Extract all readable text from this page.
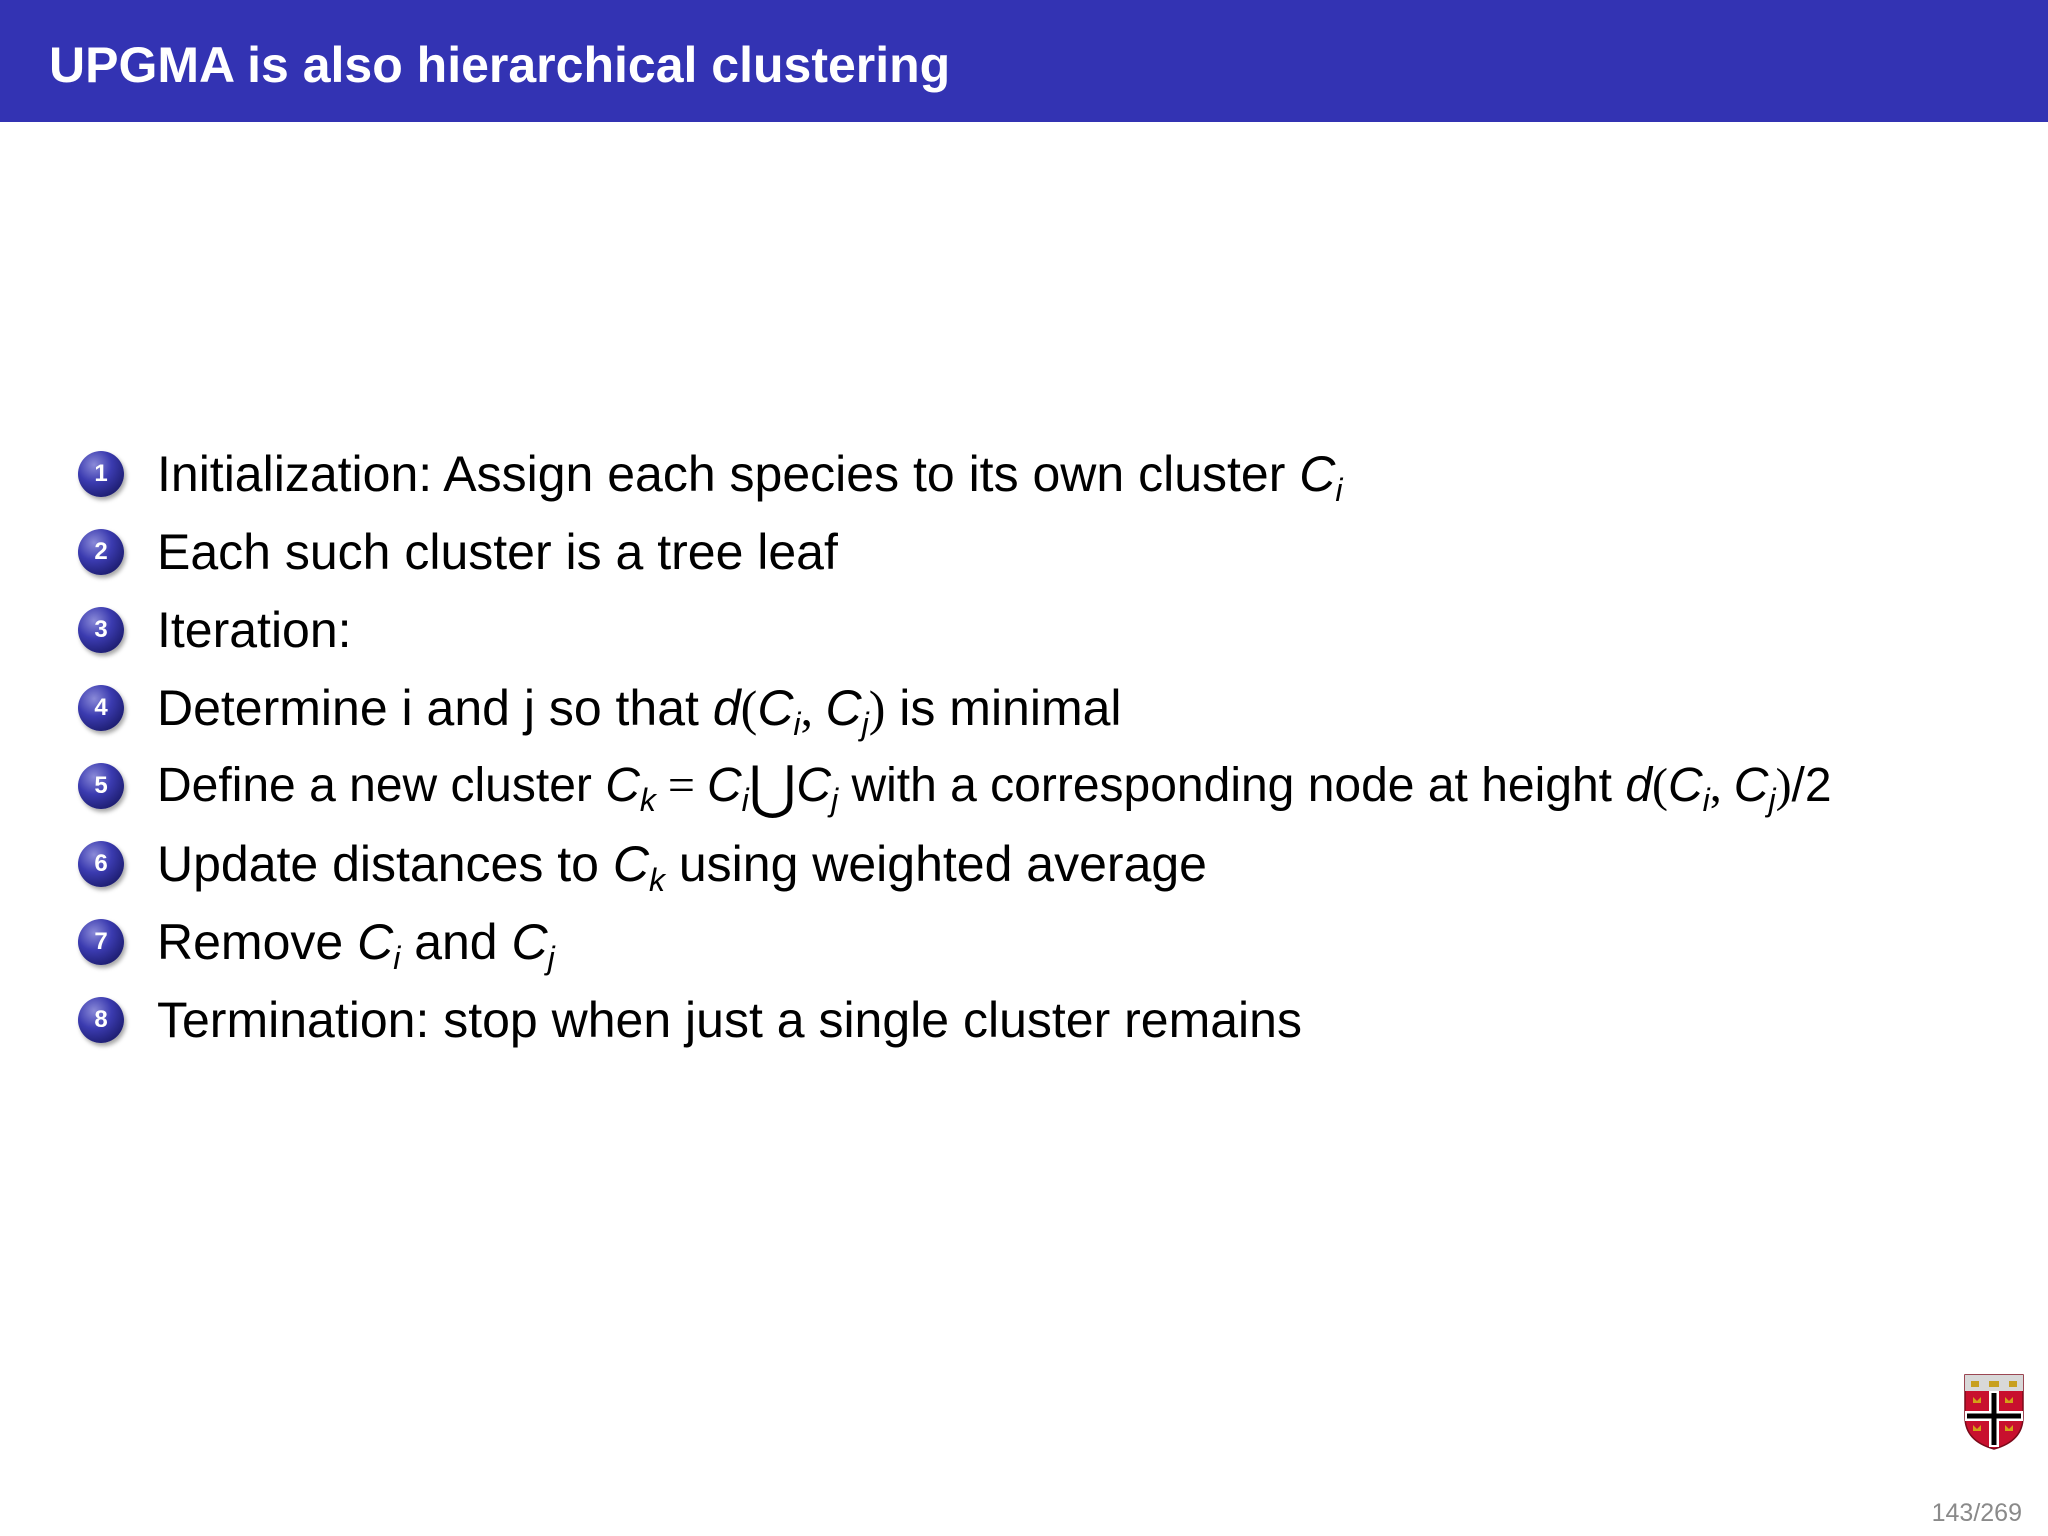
UPGMA is also hierarchical clustering
1 Initialization: Assign each species to its own cluster $C_i$
2 Each such cluster is a tree leaf
3 Iteration:
4 Determine i and j so that $d(C_i$, $C_j$) is minimal
5	Define a new cluster $C_k$ = $C_i⋃C_j$ with a corresponding node at height $d(C_i$, $C_j)/2$
6 Update distances to $C_k$ using weighted average
7 Remove $C_i$ and $C_j$
8 Termination: stop when just a single cluster remains
143/269
